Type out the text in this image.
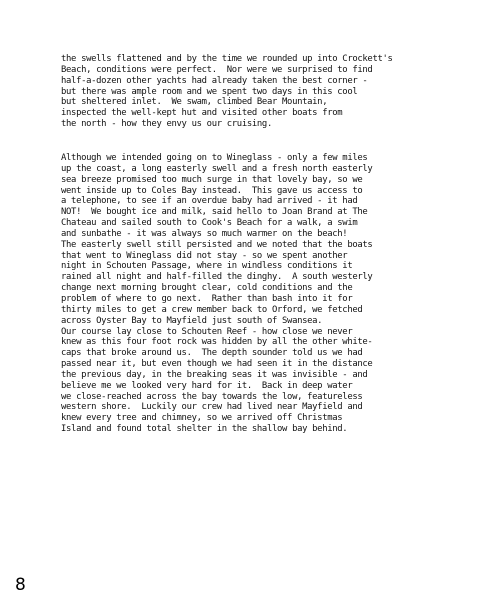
the swells flattened and by the time we rounded up into Crockett's
Beach, conditions were perfect.  Nor were we surprised to find
half-a-dozen other yachts had already taken the best corner -
but there was ample room and we spent two days in this cool
but sheltered inlet.  We swam, climbed Bear Mountain,
inspected the well-kept hut and visited other boats from
the north - how they envy us our cruising.
Although we intended going on to Wineglass - only a few miles
up the coast, a long easterly swell and a fresh north easterly
sea breeze promised too much surge in that lovely bay, so we
went inside up to Coles Bay instead.  This gave us access to
a telephone, to see if an overdue baby had arrived - it had
NOT!  We bought ice and milk, said hello to Joan Brand at The
Chateau and sailed south to Cook's Beach for a walk, a swim
and sunbathe - it was always so much warmer on the beach!
The easterly swell still persisted and we noted that the boats
that went to Wineglass did not stay - so we spent another
night in Schouten Passage, where in windless conditions it
rained all night and half-filled the dinghy.  A south westerly
change next morning brought clear, cold conditions and the
problem of where to go next.  Rather than bash into it for
thirty miles to get a crew member back to Orford, we fetched
across Oyster Bay to Mayfield just south of Swansea.
Our course lay close to Schouten Reef - how close we never
knew as this four foot rock was hidden by all the other white-
caps that broke around us.  The depth sounder told us we had
passed near it, but even though we had seen it in the distance
the previous day, in the breaking seas it was invisible - and
believe me we looked very hard for it.  Back in deep water
we close-reached across the bay towards the low, featureless
western shore.  Luckily our crew had lived near Mayfield and
knew every tree and chimney, so we arrived off Christmas
Island and found total shelter in the shallow bay behind.
8
